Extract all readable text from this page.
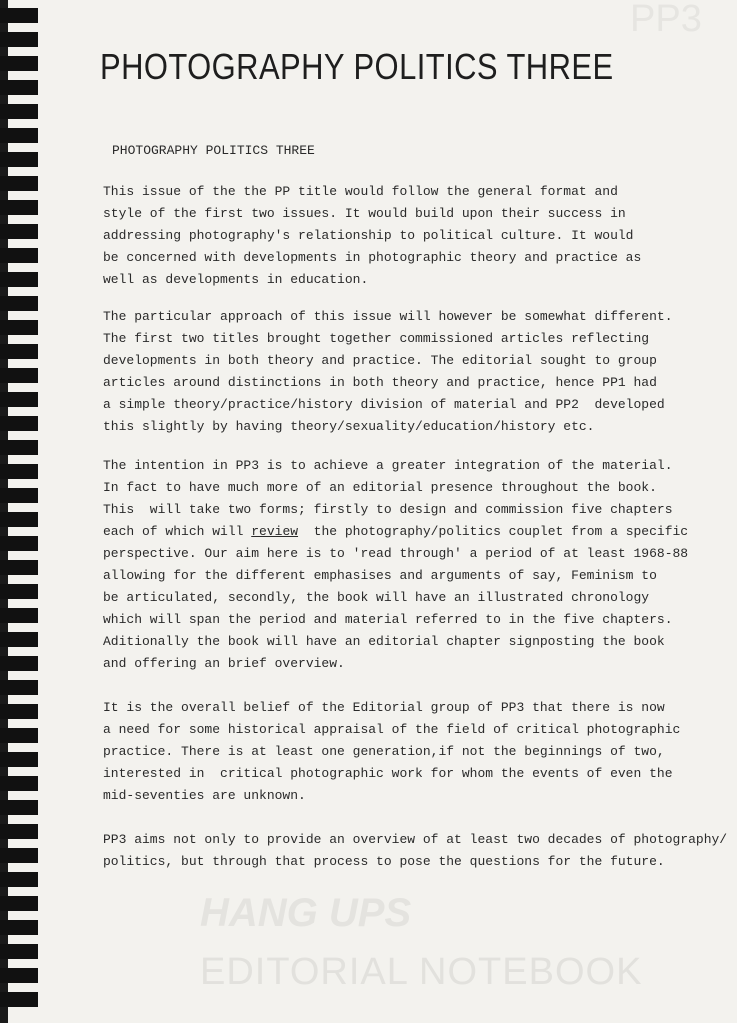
HANG UPS
PP3
EDITORIAL NOTEBOOK
PHOTOGRAPHY POLITICS THREE
PHOTOGRAPHY POLITICS THREE
This issue of the the PP title would follow the general format and
style of the first two issues. It would build upon their success in
addressing photography's relationship to political culture. It would
be concerned with developments in photographic theory and practice as
well as developments in education.
The particular approach of this issue will however be somewhat different.
The first two titles brought together commissioned articles reflecting
developments in both theory and practice. The editorial sought to group
articles around distinctions in both theory and practice, hence PP1 had
a simple theory/practice/history division of material and PP2  developed
this slightly by having theory/sexuality/education/history etc.
The intention in PP3 is to achieve a greater integration of the material.
In fact to have much more of an editorial presence throughout the book.
This  will take two forms; firstly to design and commission five chapters
each of which will review  the photography/politics couplet from a specific
perspective. Our aim here is to 'read through' a period of at least 1968-88
allowing for the different emphasises and arguments of say, Feminism to
be articulated, secondly, the book will have an illustrated chronology
which will span the period and material referred to in the five chapters.
Aditionally the book will have an editorial chapter signposting the book
and offering an brief overview.
It is the overall belief of the Editorial group of PP3 that there is now
a need for some historical appraisal of the field of critical photographic
practice. There is at least one generation,if not the beginnings of two,
interested in  critical photographic work for whom the events of even the
mid-seventies are unknown.
PP3 aims not only to provide an overview of at least two decades of photography/
politics, but through that process to pose the questions for the future.
